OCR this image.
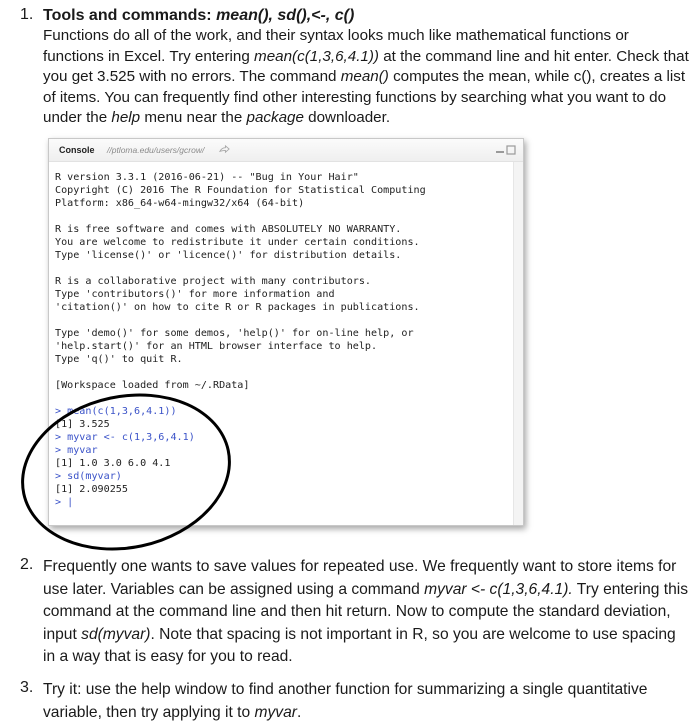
1. Tools and commands: mean(), sd(),<-, c()
Functions do all of the work, and their syntax looks much like mathematical functions or functions in Excel. Try entering mean(c(1,3,6,4.1)) at the command line and hit enter. Check that you get 3.525 with no errors. The command mean() computes the mean, while c(), creates a list of items. You can frequently find other interesting functions by searching what you want to do under the help menu near the package downloader.
Console //ptloma.edu/users/gcrow/
R version 3.3.1 (2016-06-21) -- "Bug in Your Hair"
Copyright (C) 2016 The R Foundation for Statistical Computing
Platform: x86_64-w64-mingw32/x64 (64-bit)
R is free software and comes with ABSOLUTELY NO WARRANTY.
You are welcome to redistribute it under certain conditions.
Type 'license()' or 'licence()' for distribution details.
R is a collaborative project with many contributors.
Type 'contributors()' for more information and
'citation()' on how to cite R or R packages in publications.
Type 'demo()' for some demos, 'help()' for on-line help, or
'help.start()' for an HTML browser interface to help.
Type 'q()' to quit R.
[Workspace loaded from ~/.RData]
> mean(c(1,3,6,4.1))
[1] 3.525
> myvar <- c(1,3,6,4.1)
> myvar
[1] 1.0 3.0 6.0 4.1
> sd(myvar)
[1] 2.090255
> |
2. Frequently one wants to save values for repeated use. We frequently want to store items for use later. Variables can be assigned using a command myvar <- c(1,3,6,4.1). Try entering this command at the command line and then hit return. Now to compute the standard deviation, input sd(myvar). Note that spacing is not important in R, so you are welcome to use spacing in a way that is easy for you to read.
3. Try it: use the help window to find another function for summarizing a single quantitative variable, then try applying it to myvar.
